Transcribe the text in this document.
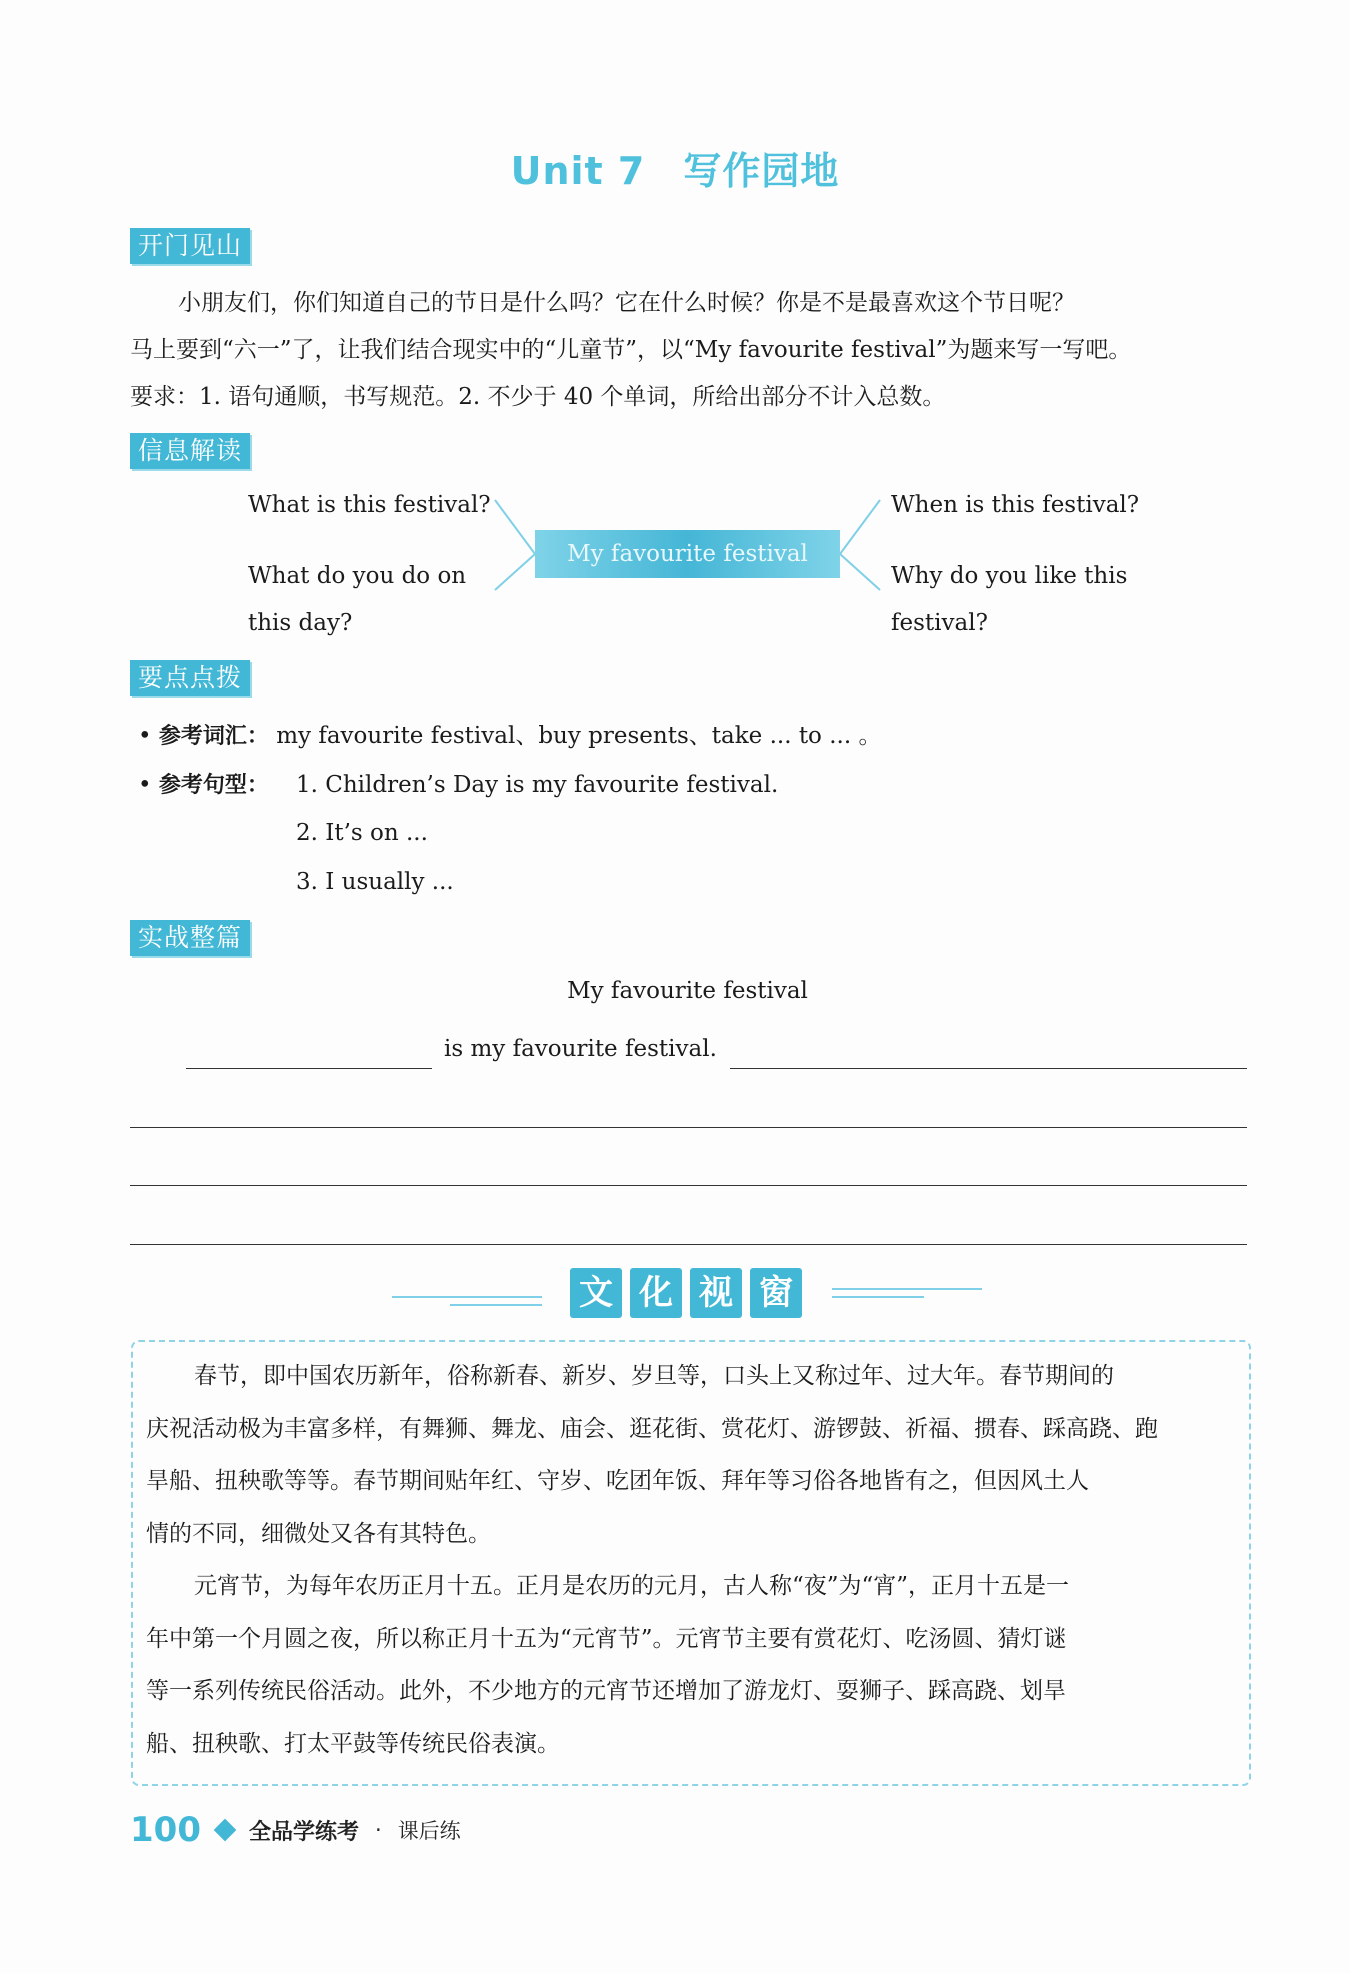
Unit 7 写作园地
开门见山
小朋友们，你们知道自己的节日是什么吗？它在什么时候？你是不是最喜欢这个节日呢？
马上要到“六一”了，让我们结合现实中的“儿童节”，以“My favourite festival”为题来写一写吧。
要求：1. 语句通顺，书写规范。2. 不少于 40 个单词，所给出部分不计入总数。
信息解读
My favourite festival
What is this festival?
What do you do on
this day?
When is this festival?
Why do you like this
festival?
要点点拨
• 参考词汇： my favourite festival、buy presents、take ... to ... 。
• 参考句型： 1. Children’s Day is my favourite festival.
2. It’s on ...
3. I usually ...
实战整篇
My favourite festival
is my favourite festival.
文 化 视 窗
春节，即中国农历新年，俗称新春、新岁、岁旦等，口头上又称过年、过大年。春节期间的
庆祝活动极为丰富多样，有舞狮、舞龙、庙会、逛花街、赏花灯、游锣鼓、祈福、掼春、踩高跷、跑
旱船、扭秧歌等等。春节期间贴年红、守岁、吃团年饭、拜年等习俗各地皆有之，但因风土人
情的不同，细微处又各有其特色。
元宵节，为每年农历正月十五。正月是农历的元月，古人称“夜”为“宵”，正月十五是一
年中第一个月圆之夜，所以称正月十五为“元宵节”。元宵节主要有赏花灯、吃汤圆、猜灯谜
等一系列传统民俗活动。此外，不少地方的元宵节还增加了游龙灯、耍狮子、踩高跷、划旱
船、扭秧歌、打太平鼓等传统民俗表演。
100 全品学练考 · 课后练
